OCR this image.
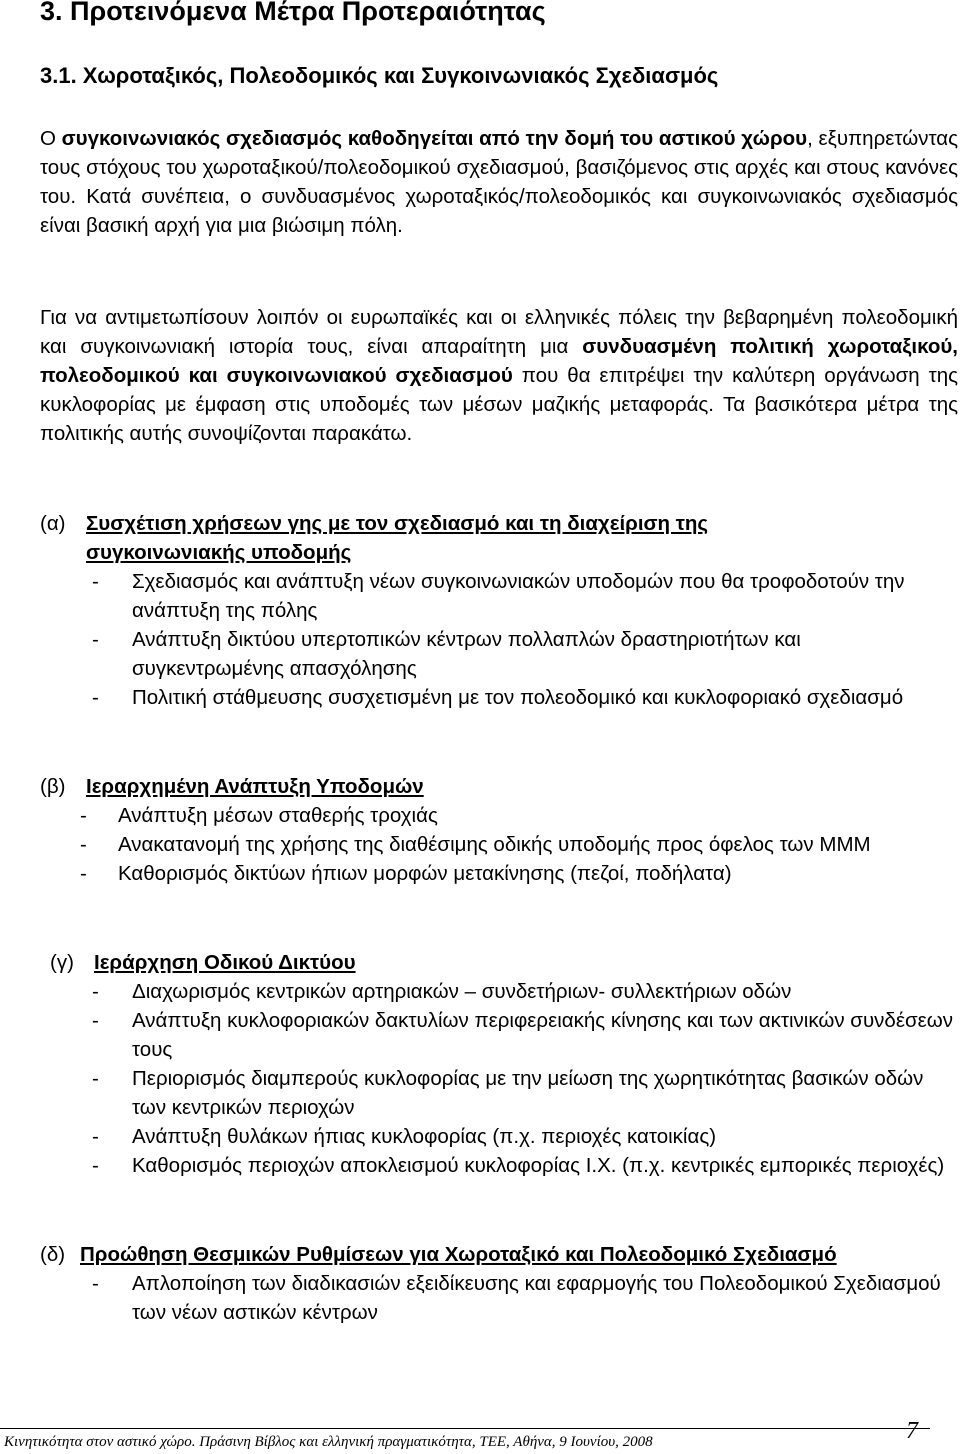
3. Προτεινόμενα Μέτρα Προτεραιότητας
3.1. Χωροταξικός, Πολεοδομικός και Συγκοινωνιακός Σχεδιασμός

Ο συγκοινωνιακός σχεδιασμός καθοδηγείται από την δομή του αστικού χώρου, εξυπηρετώντας τους στόχους του χωροταξικού/πολεοδομικού σχεδιασμού, βασιζόμενος στις αρχές και στους κανόνες του. Κατά συνέπεια, ο συνδυασμένος χωροταξικός/πολεοδομικός και συγκοινωνιακός σχεδιασμός είναι βασική αρχή για μια βιώσιμη πόλη.

Για να αντιμετωπίσουν λοιπόν οι ευρωπαϊκές και οι ελληνικές πόλεις την βεβαρημένη πολεοδομική και συγκοινωνιακή ιστορία τους, είναι απαραίτητη μια συνδυασμένη πολιτική χωροταξικού, πολεοδομικού και συγκοινωνιακού σχεδιασμού που θα επιτρέψει την καλύτερη οργάνωση της κυκλοφορίας με έμφαση στις υποδομές των μέσων μαζικής μεταφοράς. Τα βασικότερα μέτρα της πολιτικής αυτής συνοψίζονται παρακάτω.

(α) Συσχέτιση χρήσεων γης με τον σχεδιασμό και τη διαχείριση της συγκοινωνιακής υποδομής
-	Σχεδιασμός και ανάπτυξη νέων συγκοινωνιακών υποδομών που θα τροφοδοτούν την ανάπτυξη της πόλης
-	Ανάπτυξη δικτύου υπερτοπικών κέντρων πολλαπλών δραστηριοτήτων και συγκεντρωμένης απασχόλησης
-	Πολιτική στάθμευσης συσχετισμένη με τον πολεοδομικό και κυκλοφοριακό σχεδιασμό
(β)	Ιεραρχημένη Ανάπτυξη Υποδομών
-	Ανάπτυξη μέσων σταθερής τροχιάς
-	Ανακατανομή της χρήσης της διαθέσιμης οδικής υποδομής προς όφελος των ΜΜΜ
-	Καθορισμός δικτύων ήπιων μορφών μετακίνησης (πεζοί, ποδήλατα)
(γ) Ιεράρχηση Οδικού Δικτύου
-	Διαχωρισμός κεντρικών αρτηριακών – συνδετήριων- συλλεκτήριων οδών
-	Ανάπτυξη κυκλοφοριακών δακτυλίων περιφερειακής κίνησης και των ακτινικών συνδέσεων τους
-	Περιορισμός διαμπερούς κυκλοφορίας με την μείωση της χωρητικότητας βασικών οδών των κεντρικών περιοχών
-	Ανάπτυξη θυλάκων ήπιας κυκλοφορίας (π.χ. περιοχές κατοικίας)
-	Καθορισμός περιοχών αποκλεισμού κυκλοφορίας Ι.Χ. (π.χ. κεντρικές εμπορικές περιοχές)
(δ) Προώθηση Θεσμικών Ρυθμίσεων για Χωροταξικό και Πολεοδομικό Σχεδιασμό
-	Απλοποίηση των διαδικασιών εξειδίκευσης και εφαρμογής του Πολεοδομικού Σχεδιασμού των νέων αστικών κέντρων
Κινητικότητα στον αστικό χώρο. Πράσινη Βίβλος και ελληνική πραγματικότητα, ΤΕΕ, Αθήνα, 9 Ιουνίου, 2008	7
